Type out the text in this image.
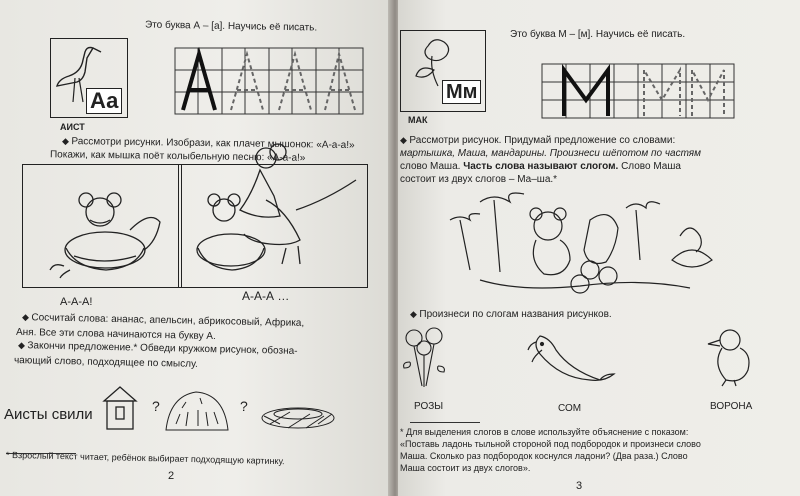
Аа
АИСТ
Это буква А – [а]. Научись её писать.
◆ Рассмотри рисунки. Изобрази, как плачет мышонок: «А-а-а!»
Покажи, как мышка поёт колыбельную песню: «А-а-а!»
А-А-А!	А-А-А …
◆ Сосчитай слова: ананас, апельсин, абрикосовый, Африка,
Аня. Все эти слова начинаются на букву А.
◆ Закончи предложение.* Обведи кружком рисунок, обозна-
чающий слово, подходящее по смыслу.
Аисты свили	?	?
* Взрослый текст читает, ребёнок выбирает подходящую картинку.
2
Это буква М – [м]. Научись её писать.
Мм
МАК
◆ Рассмотри рисунок. Придумай предложение со словами:
мартышка, Маша, мандарины. Произнеси шёпотом по частям
слово Маша. Часть слова называют слогом. Слово Маша
состоит из двух слогов – Ма–ша.*
◆ Произнеси по слогам названия рисунков.
РОЗЫ	СОМ	ВОРОНА
* Для выделения слогов в слове используйте объяснение с показом:
«Поставь ладонь тыльной стороной под подбородок и произнеси слово
Маша. Сколько раз подбородок коснулся ладони? (Два раза.) Слово
Маша состоит из двух слогов».
3
